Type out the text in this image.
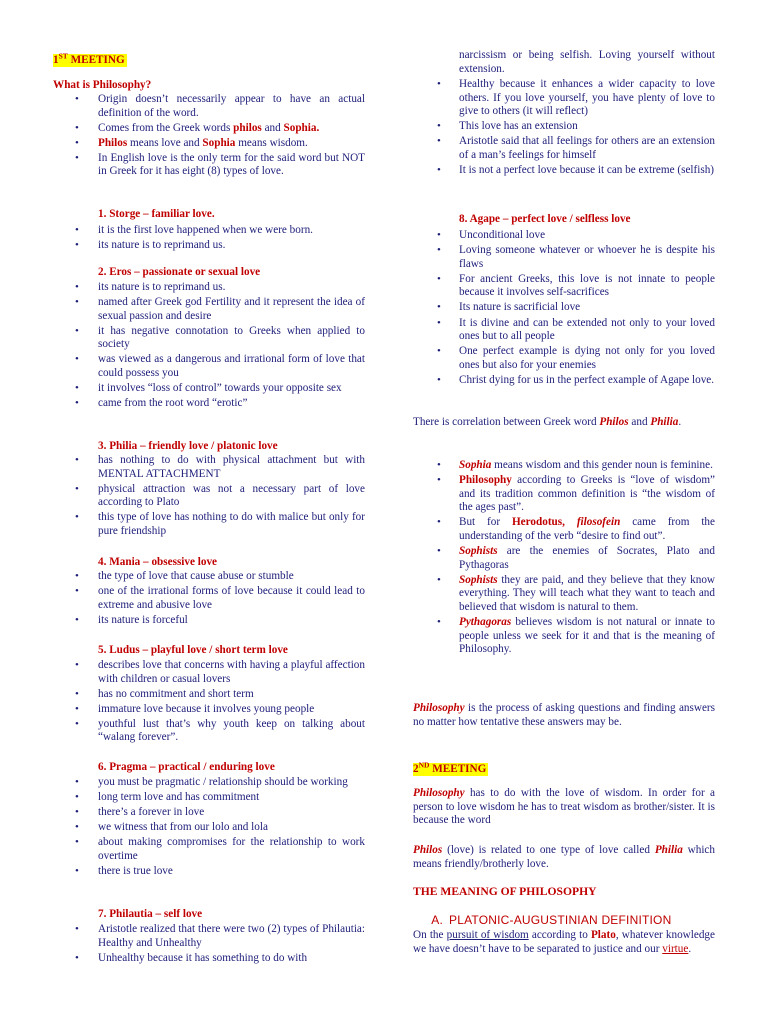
1ST MEETING
What is Philosophy?
• Origin doesn’t necessarily appear to have an actual definition of the word.
• Comes from the Greek words philos and Sophia.
• Philos means love and Sophia means wisdom.
• In English love is the only term for the said word but NOT in Greek for it has eight (8) types of love.
1. Storge – familiar love.
• it is the first love happened when we were born.
• its nature is to reprimand us.
2. Eros – passionate or sexual love
• its nature is to reprimand us.
• named after Greek god Fertility and it represent the idea of sexual passion and desire
• it has negative connotation to Greeks when applied to society
• was viewed as a dangerous and irrational form of love that could possess you
• it involves “loss of control” towards your opposite sex
• came from the root word “erotic”
3. Philia – friendly love / platonic love
• has nothing to do with physical attachment but with MENTAL ATTACHMENT
• physical attraction was not a necessary part of love according to Plato
• this type of love has nothing to do with malice but only for pure friendship
4. Mania – obsessive love
• the type of love that cause abuse or stumble
• one of the irrational forms of love because it could lead to extreme and abusive love
• its nature is forceful
5. Ludus – playful love / short term love
• describes love that concerns with having a playful affection with children or casual lovers
• has no commitment and short term
• immature love because it involves young people
• youthful lust that’s why youth keep on talking about “walang forever”.
6. Pragma – practical / enduring love
• you must be pragmatic / relationship should be working
• long term love and has commitment
• there’s a forever in love
• we witness that from our lolo and lola
• about making compromises for the relationship to work overtime
• there is true love
7. Philautia – self love
• Aristotle realized that there were two (2) types of Philautia: Healthy and Unhealthy
• Unhealthy because it has something to do with

narcissism or being selfish. Loving yourself without extension.

• Healthy because it enhances a wider capacity to love others. If you love yourself, you have plenty of love to give to others (it will reflect)
• This love has an extension
• Aristotle said that all feelings for others are an extension of a man’s feelings for himself
• It is not a perfect love because it can be extreme (selfish)
8. Agape – perfect love / selfless love
• Unconditional love
• Loving someone whatever or whoever he is despite his flaws
• For ancient Greeks, this love is not innate to people because it involves self-sacrifices
• Its nature is sacrificial love
• It is divine and can be extended not only to your loved ones but to all people
• One perfect example is dying not only for you loved ones but also for your enemies
• Christ dying for us in the perfect example of Agape love.

There is correlation between Greek word Philos and Philia.

• Sophia means wisdom and this gender noun is feminine.
• Philosophy according to Greeks is “love of wisdom” and its tradition common definition is “the wisdom of the ages past”.
• But for Herodotus, filosofein came from the understanding of the verb “desire to find out”.
• Sophists are the enemies of Socrates, Plato and Pythagoras
• Sophists they are paid, and they believe that they know everything. They will teach what they want to teach and believed that wisdom is natural to them.
• Pythagoras believes wisdom is not natural or innate to people unless we seek for it and that is the meaning of Philosophy.

Philosophy is the process of asking questions and finding answers no matter how tentative these answers may be.

2ND MEETING

Philosophy has to do with the love of wisdom. In order for a person to love wisdom he has to treat wisdom as brother/sister. It is because the word

Philos (love) is related to one type of love called Philia which means friendly/brotherly love.

THE MEANING OF PHILOSOPHY
A. PLATONIC-AUGUSTINIAN DEFINITION

On the pursuit of wisdom according to Plato, whatever knowledge we have doesn’t have to be separated to justice and our virtue.
